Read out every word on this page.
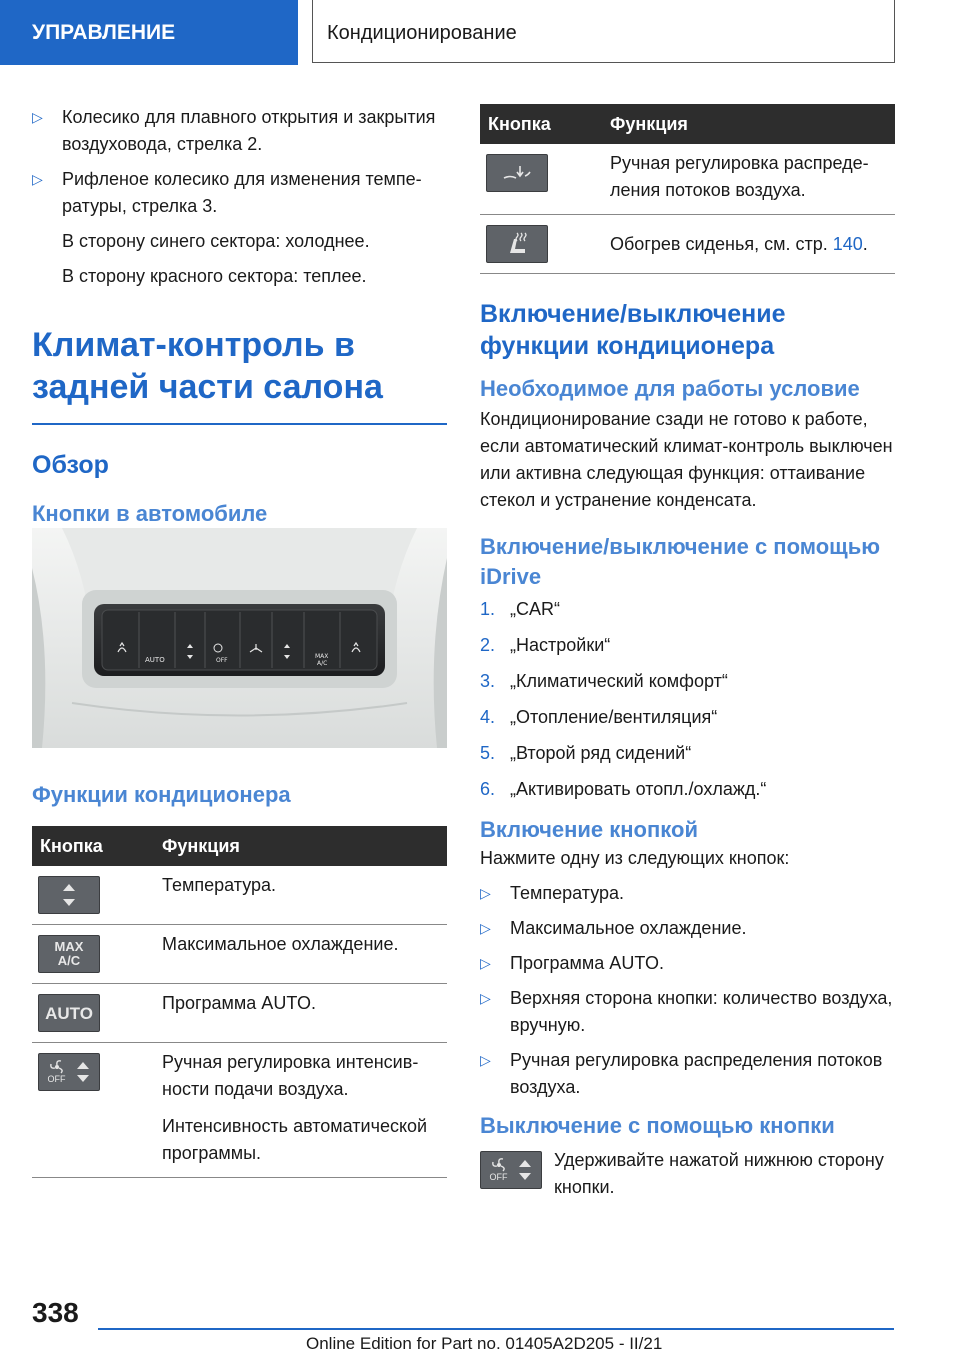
УПРАВЛЕНИЕ	Кондиционирование
▷	Колесико для плавного открытия и закрытия воздуховода, стрелка 2.
▷	Рифленое колесико для изменения температуры, стрелка 3.
В сторону синего сектора: холоднее.
В сторону красного сектора: теплее.
Климат-контроль в задней части салона
Обзор
Кнопки в автомобиле
AUTO	OFF
MAX
A/C
Функции кондиционера
Кнопка	Функция

	Температура.

MAX
A/C	Максимальное охлаждение.

AUTO	Программа AUTO.

OFF	Ручная регулировка интенсивности подачи воздуха.
Интенсивность автоматической программы.
Кнопка	Функция

	Ручная регулировка распределения потоков воздуха.

	Обогрев сиденья, см. стр. 140.
Включение/выключение функции кондиционера
Необходимое для работы условие
Кондиционирование сзади не готово к работе, если автоматический климат-контроль выключен или активна следующая функция: оттаивание стекол и устранение конденсата.
Включение/выключение с помощью iDrive
1. „CAR“
2. „Настройки“
3. „Климатический комфорт“
4. „Отопление/вентиляция“
5. „Второй ряд сидений“
6. „Активировать отопл./охлажд.“
Включение кнопкой
Нажмите одну из следующих кнопок:
▷	Температура.
▷	Максимальное охлаждение.
▷	Программа AUTO.
▷	Верхняя сторона кнопки: количество воздуха, вручную.
▷	Ручная регулировка распределения потоков воздуха.
Выключение с помощью кнопки
OFF
Удерживайте нажатой нижнюю сторону кнопки.
338
Online Edition for Part no. 01405A2D205 - II/21
